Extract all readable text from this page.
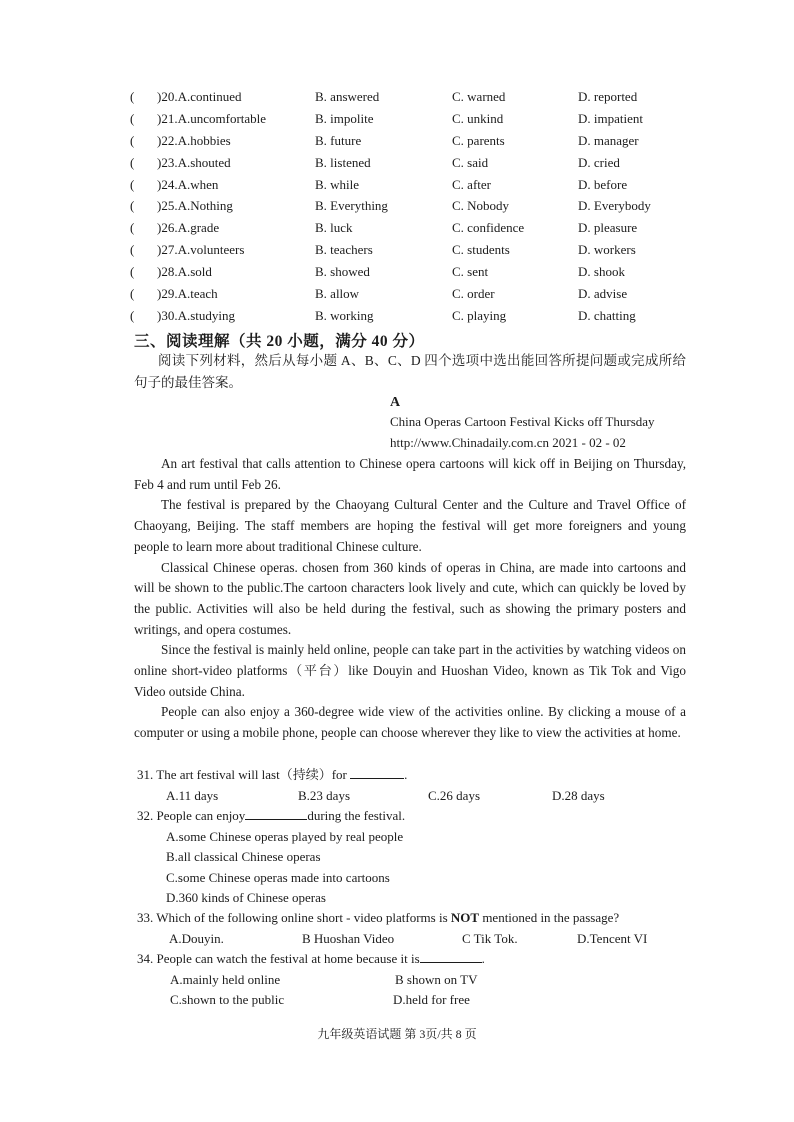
( )20.A.continued	B. answered	C. warned	D. reported
( )21.A.uncomfortable	B. impolite	C. unkind	D. impatient
( )22.A.hobbies	B. future	C. parents	D. manager
( )23.A.shouted	B. listened	C. said	D. cried
( )24.A.when	B. while	C. after	D. before
( )25.A.Nothing	B. Everything	C. Nobody	D. Everybody
( )26.A.grade	B. luck	C. confidence	D. pleasure
( )27.A.volunteers	B. teachers	C. students	D. workers
( )28.A.sold	B. showed	C. sent	D. shook
( )29.A.teach	B. allow	C. order	D. advise
( )30.A.studying	B. working	C. playing	D. chatting
三、阅读理解（共 20 小题，满分 40 分）
阅读下列材料，然后从每小题 A、B、C、D 四个选项中选出能回答所提问题或完成所给句子的最佳答案。
A
China Operas Cartoon Festival Kicks off Thursday
http://www.Chinadaily.com.cn 2021 - 02 - 02

An art festival that calls attention to Chinese opera cartoons will kick off in Beijing on Thursday, Feb 4 and rum until Feb 26.

The festival is prepared by the Chaoyang Cultural Center and the Culture and Travel Office of Chaoyang, Beijing. The staff members are hoping the festival will get more foreigners and young people to learn more about traditional Chinese culture.

Classical Chinese operas. chosen from 360 kinds of operas in China, are made into cartoons and will be shown to the public.The cartoon characters look lively and cute, which can quickly be loved by the public. Activities will also be held during the festival, such as showing the primary posters and writings, and opera costumes.

Since the festival is mainly held online, people can take part in the activities by watching videos on online short-video platforms（平台）like Douyin and Huoshan Video, known as Tik Tok and Vigo Video outside China.

People can also enjoy a 360-degree wide view of the activities online. By clicking a mouse of a computer or using a mobile phone, people can choose wherever they like to view the activities at home.

31. The art festival will last（持续）for	.
A.11 days	B.23 days	C.26 days	D.28 days
32. People can enjoy	during the festival.
A.some Chinese operas played by real people
B.all classical Chinese operas
C.some Chinese operas made into cartoons
D.360 kinds of Chinese operas
33. Which of the following online short - video platforms is NOT mentioned in the passage?
A.Douyin.	B Huoshan Video	C Tik Tok.	D.Tencent VI
34. People can watch the festival at home because it is	.
A.mainly held online	B shown on TV
C.shown to the public	D.held for free
九年级英语试题 第 3页/共 8 页
